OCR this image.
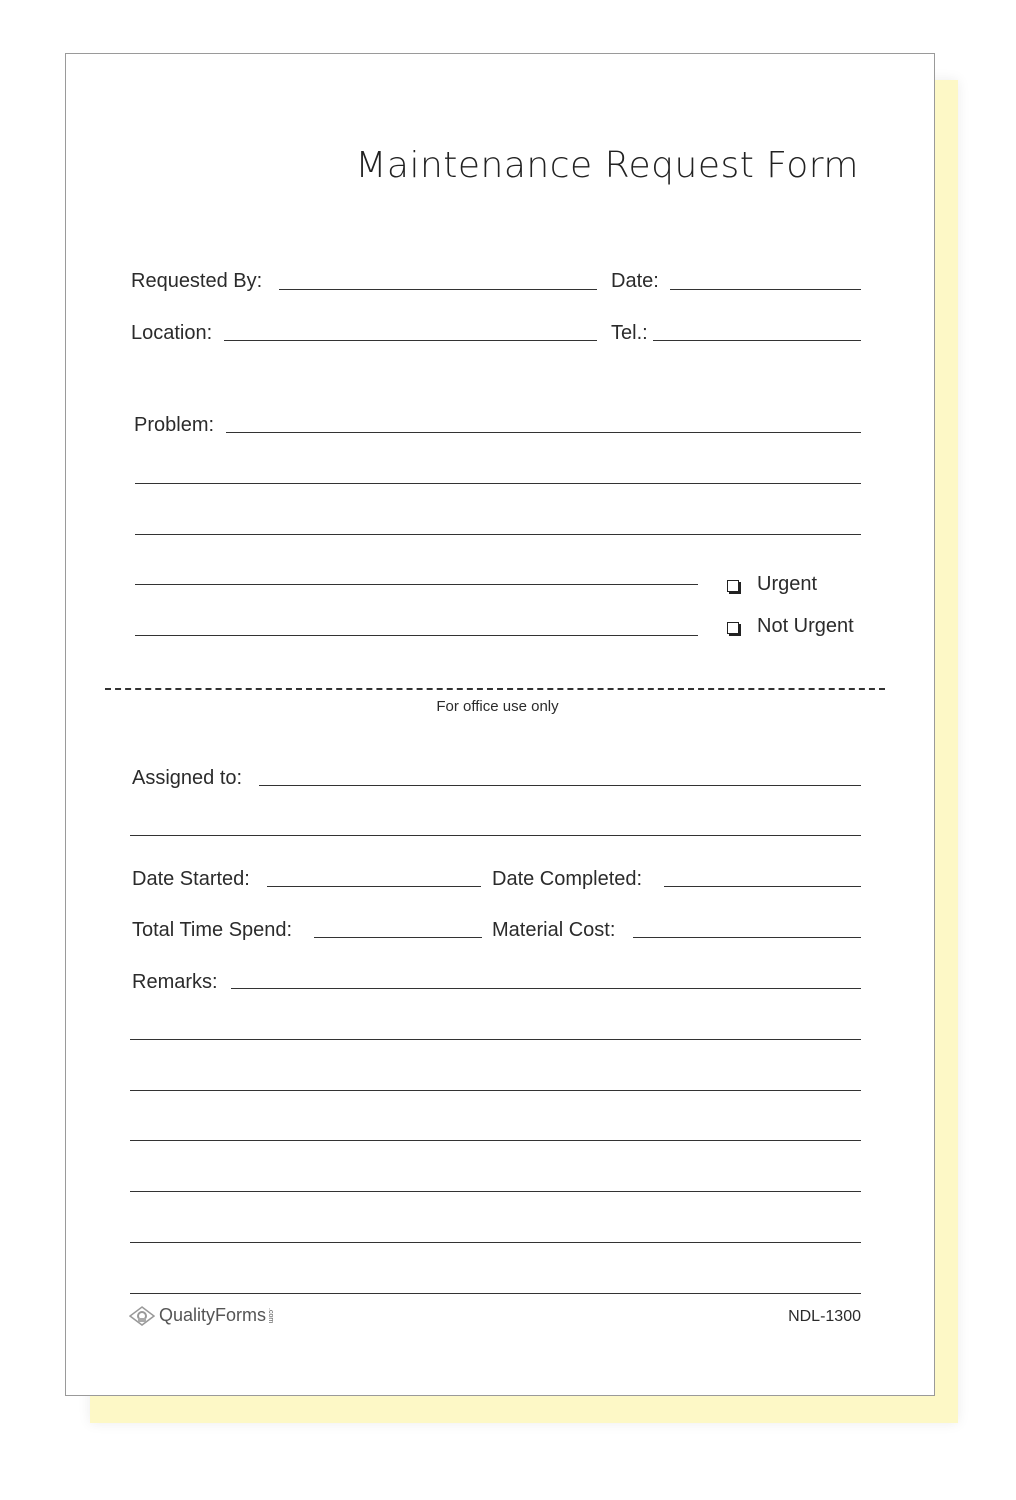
Maintenance Request Form
Requested By:	Date:
Location:	Tel.:
Problem:
Urgent
Not Urgent
For office use only
Assigned to:
Date Started:	Date Completed:
Total Time Spend:	Material Cost:
Remarks:
QualityForms .com	NDL-1300
